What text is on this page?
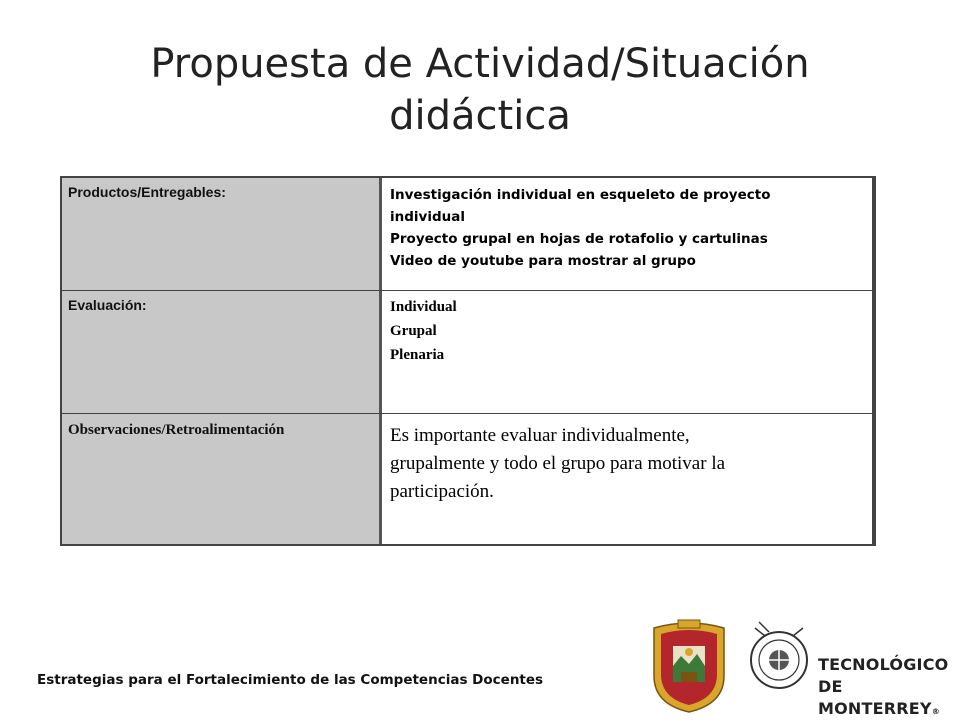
Propuesta de Actividad/Situación
didáctica
Productos/Entregables:	Investigación individual en esqueleto de proyecto
individual
Proyecto grupal en hojas de rotafolio y cartulinas
Video de youtube para mostrar al grupo
Evaluación:	Individual
Grupal
Plenaria
Observaciones/Retroalimentación	Es importante evaluar individualmente,
grupalmente y todo el grupo para motivar la
participación.
Estrategias para el Fortalecimiento de las Competencias Docentes
TECNOLÓGICO
DE MONTERREY®
